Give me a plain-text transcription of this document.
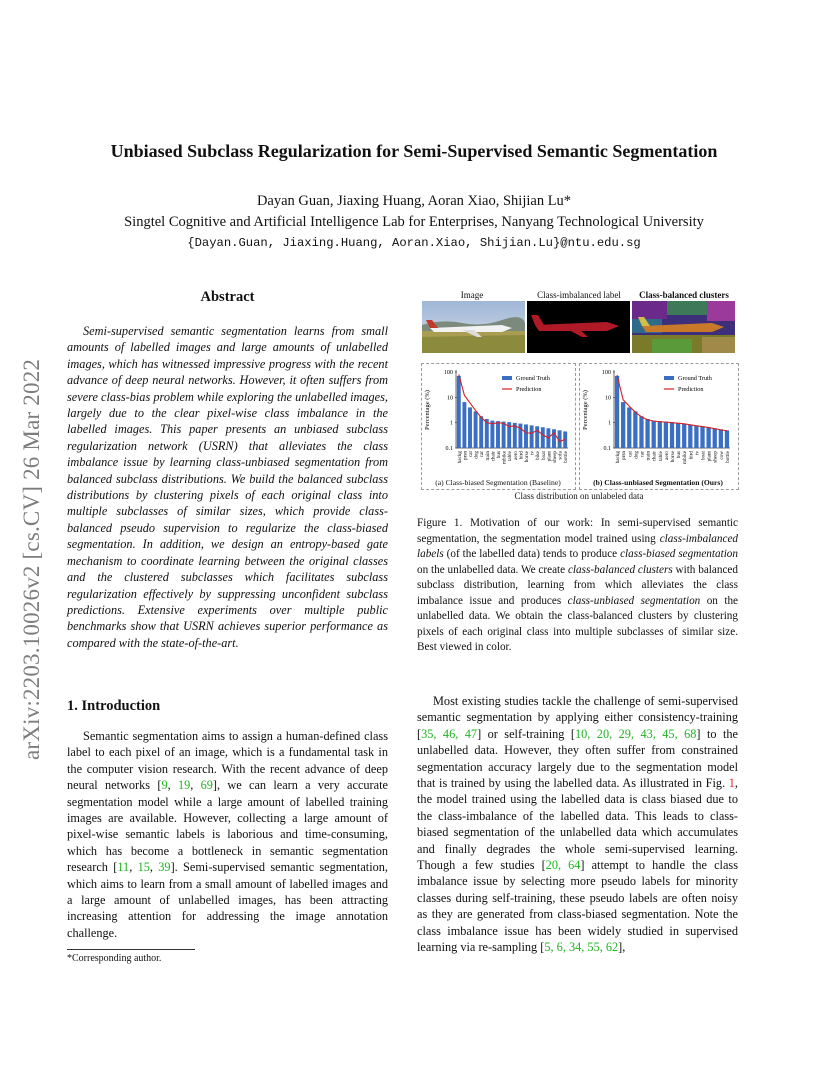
Unbiased Subclass Regularization for Semi-Supervised Semantic Segmentation
Dayan Guan, Jiaxing Huang, Aoran Xiao, Shijian Lu*
Singtel Cognitive and Artificial Intelligence Lab for Enterprises, Nanyang Technological University
{Dayan.Guan, Jiaxing.Huang, Aoran.Xiao, Shijian.Lu}@ntu.edu.sg
arXiv:2203.10026v2 [cs.CV] 26 Mar 2022
Abstract
Semi-supervised semantic segmentation learns from small amounts of labelled images and large amounts of unlabelled images, which has witnessed impressive progress with the recent advance of deep neural networks. However, it often suffers from severe class-bias problem while exploring the unlabelled images, largely due to the clear pixel-wise class imbalance in the labelled images. This paper presents an unbiased subclass regularization network (USRN) that alleviates the class imbalance issue by learning class-unbiased segmentation from balanced subclass distributions. We build the balanced subclass distributions by clustering pixels of each original class into multiple subclasses of similar sizes, which provide class-balanced pseudo supervision to regularize the class-biased segmentation. In addition, we design an entropy-based gate mechanism to coordinate learning between the original classes and the clustered subclasses which facilitates subclass regularization effectively by suppressing unconfident subclass predictions. Extensive experiments over multiple public benchmarks show that USRN achieves superior performance as compared with the state-of-the-art.
1. Introduction
Semantic segmentation aims to assign a human-defined class label to each pixel of an image, which is a fundamental task in the computer vision research. With the recent advance of deep neural networks [9, 19, 69], we can learn a very accurate segmentation model while a large amount of labelled training images are available. However, collecting a large amount of pixel-wise semantic labels is laborious and time-consuming, which has become a bottleneck in semantic segmentation research [11, 15, 39]. Semi-supervised semantic segmentation, which aims to learn from a small amount of labelled images and a large amount of unlabelled images, has been attracting increasing attention for addressing the image annotation challenge.
*Corresponding author.
Image	Class-imbalanced label	Class-balanced clusters
Percentage (%)
100
10
1
0.1
backg prsn cat dog car train chair bus mbike table aero bird horse tv bike boat plant sheep sofa bottle
Ground Truth
Prediction
Percentage (%)
100
10
1
0.1
backg prsn cat dog car train chair table aero horse bus mbike bird tv boat plant sheep cow bottle
Ground Truth
Prediction
(a) Class-biased Segmentation (Baseline)	(b) Class-unbiased Segmentation (Ours)
Class distribution on unlabeled data
Figure 1. Motivation of our work: In semi-supervised semantic segmentation, the segmentation model trained using class-imbalanced labels (of the labelled data) tends to produce class-biased segmentation on the unlabelled data. We create class-balanced clusters with balanced subclass distribution, learning from which alleviates the class imbalance issue and produces class-unbiased segmentation on the unlabelled data. We obtain the class-balanced clusters by clustering pixels of each original class into multiple subclasses of similar size. Best viewed in color.
Most existing studies tackle the challenge of semi-supervised semantic segmentation by applying either consistency-training [35, 46, 47] or self-training [10, 20, 29, 43, 45, 68] to the unlabelled data. However, they often suffer from constrained segmentation accuracy largely due to the segmentation model that is trained by using the labelled data. As illustrated in Fig. 1, the model trained using the labelled data is class biased due to the class-imbalance of the labelled data. This leads to class-biased segmentation of the unlabelled data which accumulates and finally degrades the whole semi-supervised learning. Though a few studies [20, 64] attempt to handle the class imbalance issue by selecting more pseudo labels for minority classes during self-training, these pseudo labels are often noisy as they are generated from class-biased segmentation. Note the class imbalance issue has been widely studied in supervised learning via re-sampling [5, 6, 34, 55, 62],
